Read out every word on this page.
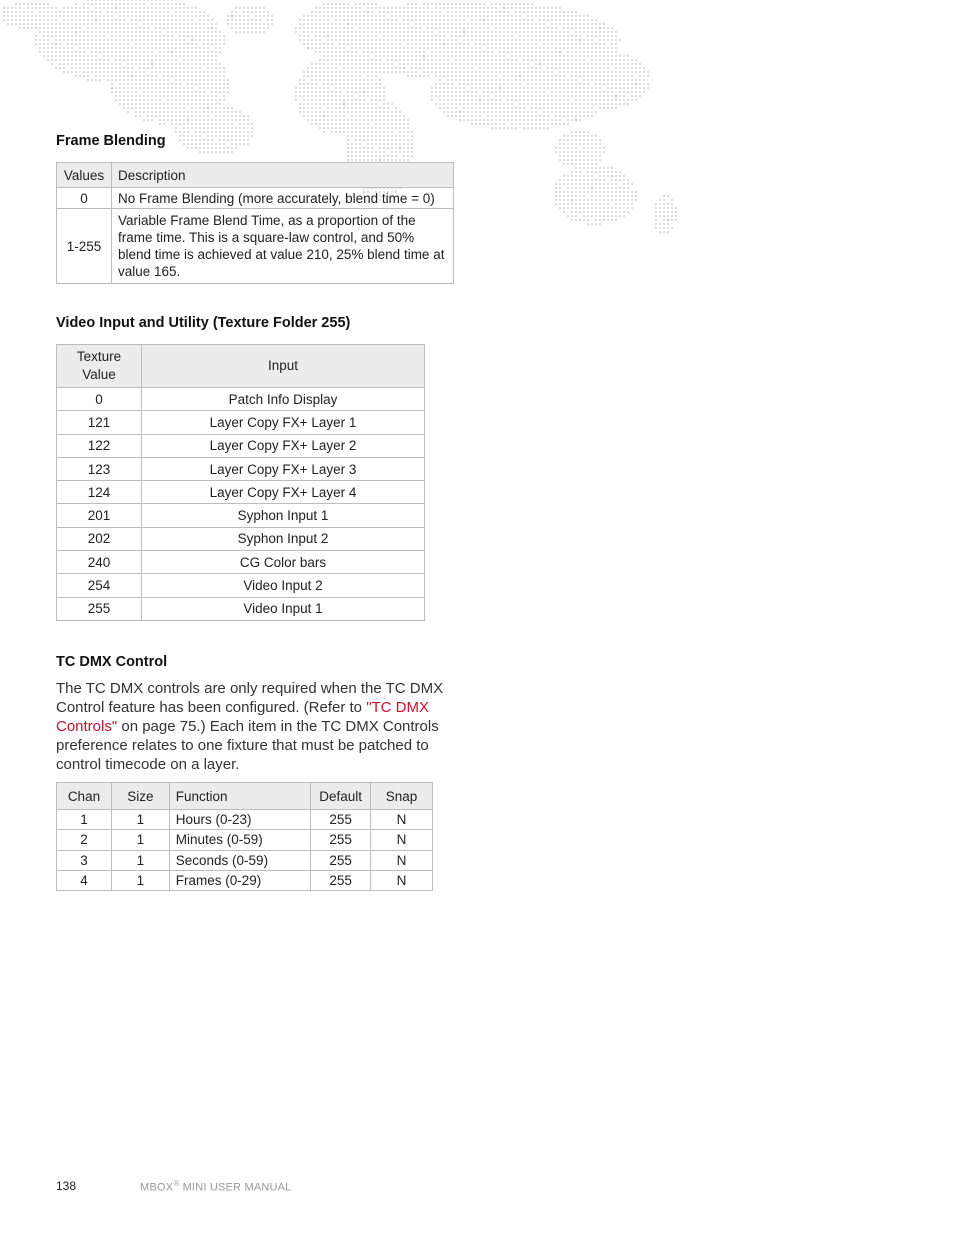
Frame Blending
Values	Description
0	No Frame Blending (more accurately, blend time = 0)
1-255	Variable Frame Blend Time, as a proportion of the frame time. This is a square-law control, and 50% blend time is achieved at value 210, 25% blend time at value 165.
Video Input and Utility (Texture Folder 255)
Texture Value	Input
0	Patch Info Display
121	Layer Copy FX+ Layer 1
122	Layer Copy FX+ Layer 2
123	Layer Copy FX+ Layer 3
124	Layer Copy FX+ Layer 4
201	Syphon Input 1
202	Syphon Input 2
240	CG Color bars
254	Video Input 2
255	Video Input 1
TC DMX Control

The TC DMX controls are only required when the TC DMX Control feature has been configured. (Refer to "TC DMX Controls" on page 75.) Each item in the TC DMX Controls preference relates to one fixture that must be patched to control timecode on a layer.

Chan	Size	Function	Default	Snap
1	1	Hours (0-23)	255	N
2	1	Minutes (0-59)	255	N
3	1	Seconds (0-59)	255	N
4	1	Frames (0-29)	255	N
138	MBOX® MINI USER MANUAL
